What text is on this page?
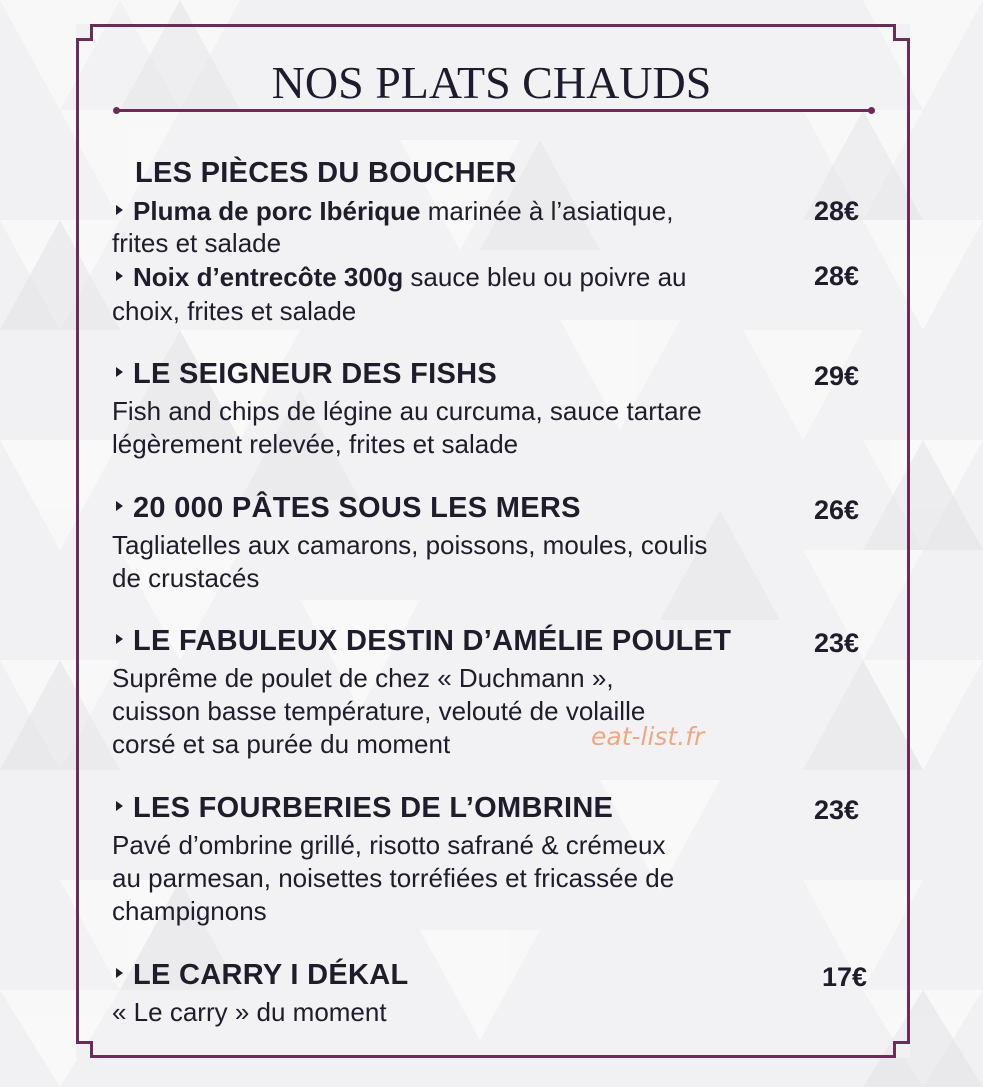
NOS PLATS CHAUDS
LES PIÈCES DU BOUCHER
Pluma de porc Ibérique marinée à l’asiatique,
frites et salade
28€
Noix d’entrecôte 300g sauce bleu ou poivre au
choix, frites et salade
28€
LE SEIGNEUR DES FISHS	29€
Fish and chips de légine au curcuma, sauce tartare
légèrement relevée, frites et salade
20 000 PÂTES SOUS LES MERS	26€
Tagliatelles aux camarons, poissons, moules, coulis
de crustacés
LE FABULEUX DESTIN D’AMÉLIE POULET	23€
Suprême de poulet de chez « Duchmann »,
cuisson basse température, velouté de volaille
corsé et sa purée du moment	eat-list.fr
LES FOURBERIES DE L’OMBRINE	23€
Pavé d’ombrine grillé, risotto safrané & crémeux
au parmesan, noisettes torréfiées et fricassée de
champignons
LE CARRY I DÉKAL	17€
« Le carry » du moment
